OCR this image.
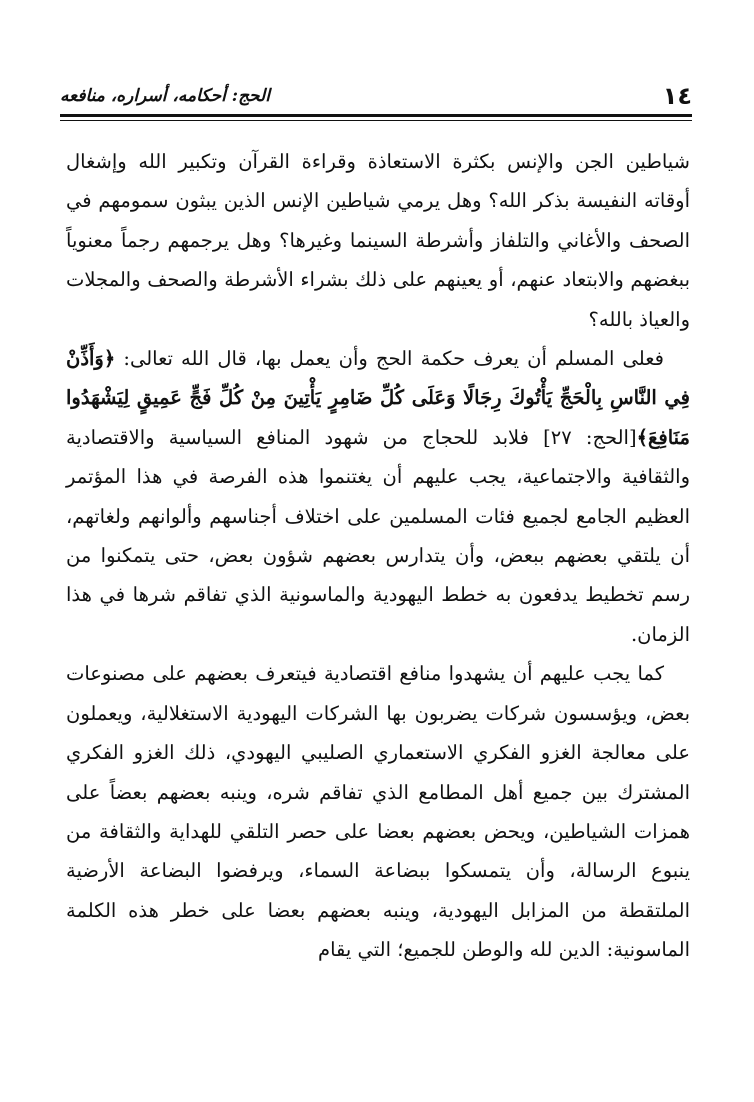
١٤
الحج: أحكامه، أسراره، منافعه

شياطين الجن والإنس بكثرة الاستعاذة وقراءة القرآن وتكبير الله وإشغال أوقاته النفيسة بذكر الله؟ وهل يرمي شياطين الإنس الذين يبثون سمومهم في الصحف والأغاني والتلفاز وأشرطة السينما وغيرها؟ وهل يرجمهم رجماً معنوياً ببغضهم والابتعاد عنهم، أو يعينهم على ذلك بشراء الأشرطة والصحف والمجلات والعياذ بالله؟

فعلى المسلم أن يعرف حكمة الحج وأن يعمل بها، قال الله تعالى: ﴿وَأَذِّنْ فِي النَّاسِ بِالْحَجِّ يَأْتُوكَ رِجَالًا وَعَلَى كُلِّ ضَامِرٍ يَأْتِينَ مِنْ كُلِّ فَجٍّ عَمِيقٍ لِيَشْهَدُوا مَنَافِعَ﴾[الحج: ٢٧] فلابد للحجاج من شهود المنافع السياسية والاقتصادية والثقافية والاجتماعية، يجب عليهم أن يغتنموا هذه الفرصة في هذا المؤتمر العظيم الجامع لجميع فئات المسلمين على اختلاف أجناسهم وألوانهم ولغاتهم، أن يلتقي بعضهم ببعض، وأن يتدارس بعضهم شؤون بعض، حتى يتمكنوا من رسم تخطيط يدفعون به خطط اليهودية والماسونية الذي تفاقم شرها في هذا الزمان.

كما يجب عليهم أن يشهدوا منافع اقتصادية فيتعرف بعضهم على مصنوعات بعض، ويؤسسون شركات يضربون بها الشركات اليهودية الاستغلالية، ويعملون على معالجة الغزو الفكري الاستعماري الصليبي اليهودي، ذلك الغزو الفكري المشترك بين جميع أهل المطامع الذي تفاقم شره، وينبه بعضهم بعضاً على همزات الشياطين، ويحض بعضهم بعضا على حصر التلقي للهداية والثقافة من ينبوع الرسالة، وأن يتمسكوا ببضاعة السماء، ويرفضوا البضاعة الأرضية الملتقطة من المزابل اليهودية، وينبه بعضهم بعضا على خطر هذه الكلمة الماسونية: الدين لله والوطن للجميع؛ التي يقام
